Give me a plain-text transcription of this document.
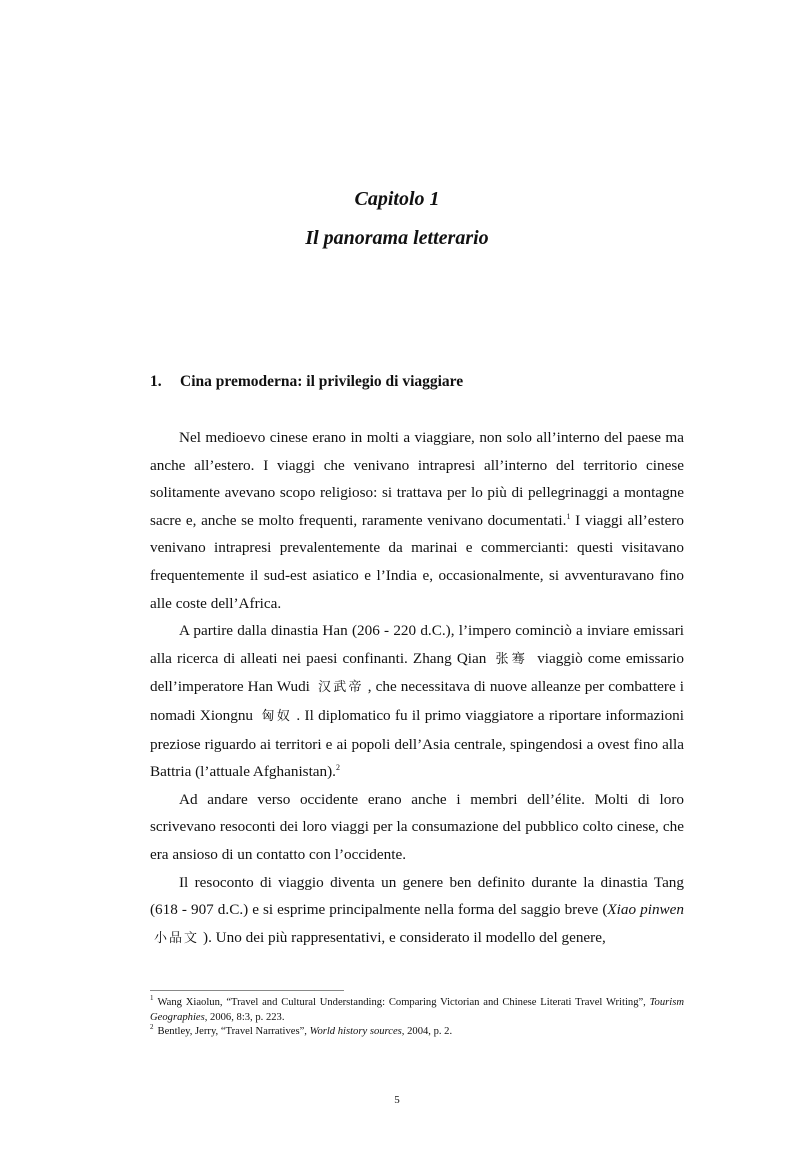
Capitolo 1
Il panorama letterario
1. Cina premoderna: il privilegio di viaggiare

Nel medioevo cinese erano in molti a viaggiare, non solo all’interno del paese ma anche all’estero. I viaggi che venivano intrapresi all’interno del territorio cinese solitamente avevano scopo religioso: si trattava per lo più di pellegrinaggi a montagne sacre e, anche se molto frequenti, raramente venivano documentati.$^1$ I viaggi all’estero venivano intrapresi prevalentemente da marinai e commercianti: questi visitavano frequentemente il sud-est asiatico e l’India e, occasionalmente, si avventuravano fino alle coste dell’Africa.

A partire dalla dinastia Han (206 - 220 d.C.), l’impero cominciò a inviare emissari alla ricerca di alleati nei paesi confinanti. Zhang Qian 张骞 viaggiò come emissario dell’imperatore Han Wudi 汉武帝 , che necessitava di nuove alleanze per combattere i nomadi Xiongnu 匈奴 . Il diplomatico fu il primo viaggiatore a riportare informazioni preziose riguardo ai territori e ai popoli dell’Asia centrale, spingendosi a ovest fino alla Battria (l’attuale Afghanistan).$^2$

Ad andare verso occidente erano anche i membri dell’élite. Molti di loro scrivevano resoconti dei loro viaggi per la consumazione del pubblico colto cinese, che era ansioso di un contatto con l’occidente.

Il resoconto di viaggio diventa un genere ben definito durante la dinastia Tang (618 - 907 d.C.) e si esprime principalmente nella forma del saggio breve (Xiao pinwen 小品文 ). Uno dei più rappresentativi, e considerato il modello del genere,

$^1$ Wang Xiaolun, “Travel and Cultural Understanding: Comparing Victorian and Chinese Literati Travel Writing”, Tourism Geographies, 2006, 8:3, p. 223.

$^2$ Bentley, Jerry, “Travel Narratives”, World history sources, 2004, p. 2.

5
